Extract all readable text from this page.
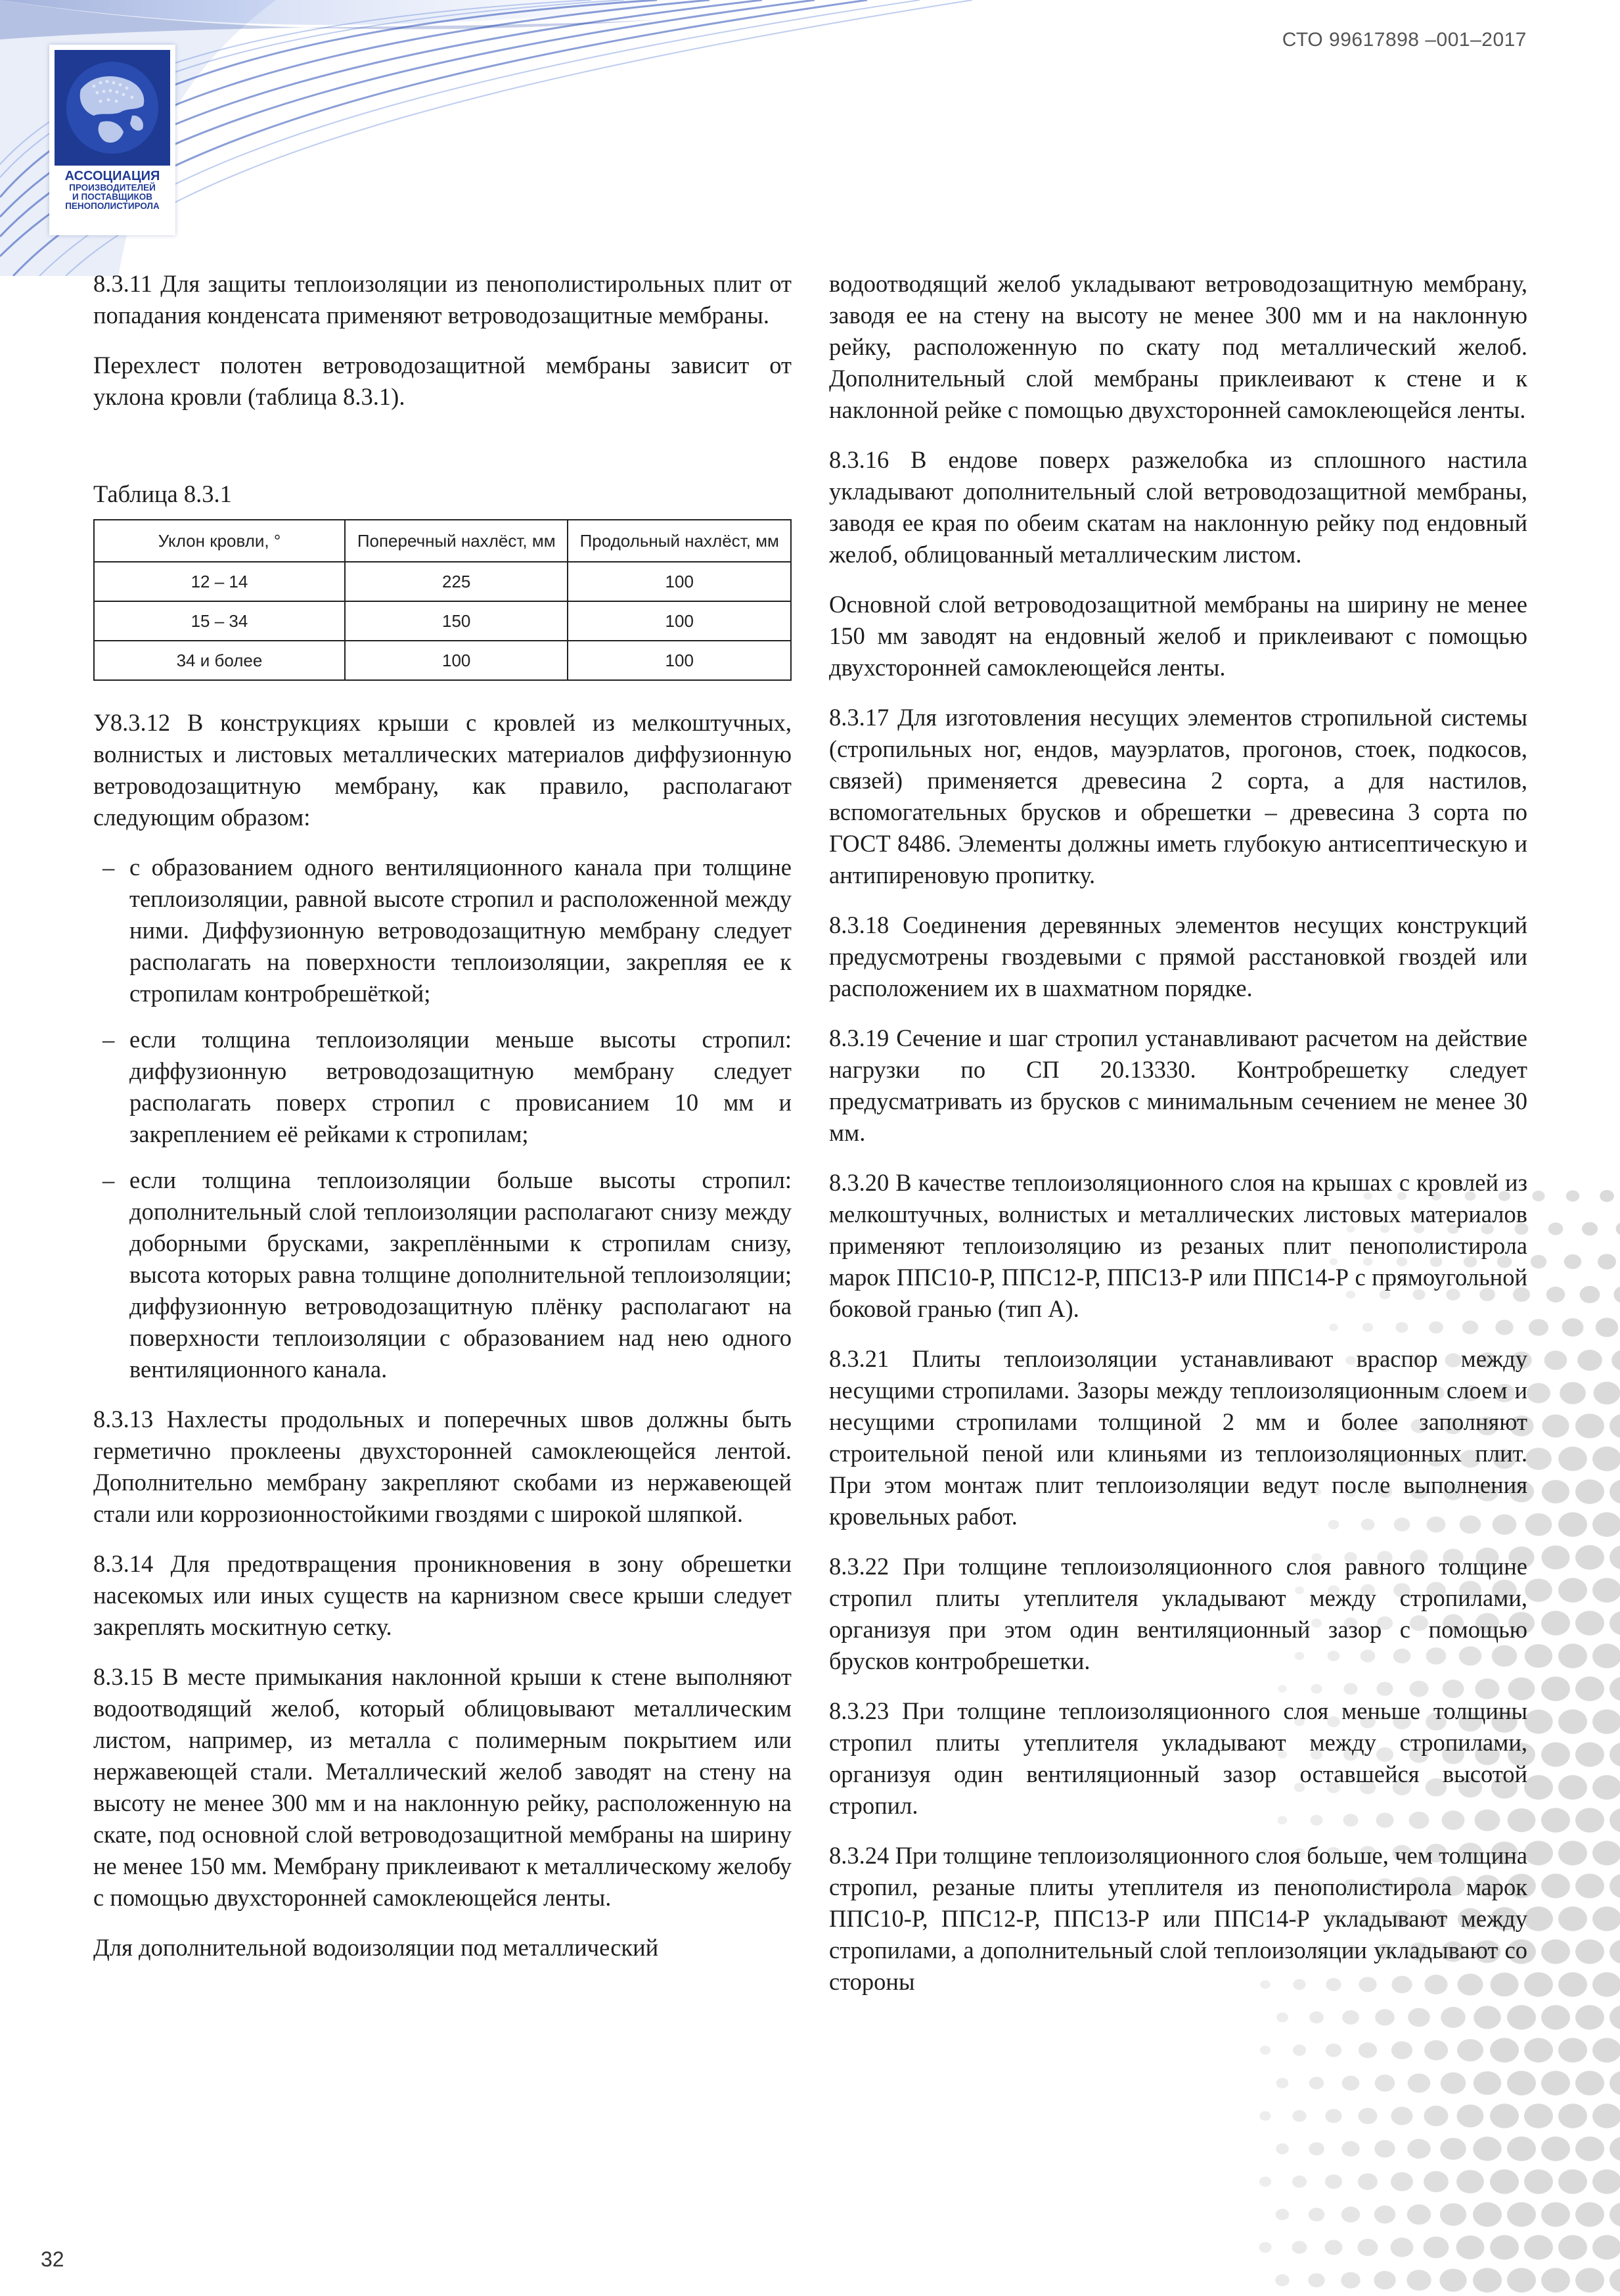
АССОЦИАЦИЯ
ПРОИЗВОДИТЕЛЕЙ
И ПОСТАВЩИКОВ
ПЕНОПОЛИСТИРОЛА
СТО 99617898 –001–2017

8.3.11 Для защиты теплоизоляции из пенополистирольных плит от попадания конденсата применяют ветроводозащитные мембраны.

Перехлест полотен ветроводозащитной мембраны зависит от уклона кровли (таблица 8.3.1).

Таблица 8.3.1
Уклон кровли, °	Поперечный нахлёст, мм	Продольный нахлёст, мм
12 – 14	225	100
15 – 34	150	100
34 и более	100	100

У8.3.12 В конструкциях крыши с кровлей из мелкоштучных, волнистых и листовых металлических материалов диффузионную ветроводозащитную мембрану, как правило, располагают следующим образом:

– с образованием одного вентиляционного канала при толщине теплоизоляции, равной высоте стропил и расположенной между ними. Диффузионную ветроводозащитную мембрану следует располагать на поверхности теплоизоляции, закрепляя ее к стропилам контробрешёткой;
– если толщина теплоизоляции меньше высоты стропил: диффузионную ветроводозащитную мембрану следует располагать поверх стропил с провисанием 10 мм и закреплением её рейками к стропилам;
– если толщина теплоизоляции больше высоты стропил: дополнительный слой теплоизоляции располагают снизу между доборными брусками, закреплёнными к стропилам снизу, высота которых равна толщине дополнительной теплоизоляции; диффузионную ветроводозащитную плёнку располагают на поверхности теплоизоляции с образованием над нею одного вентиляционного канала.

8.3.13 Нахлесты продольных и поперечных швов должны быть герметично проклеены двухсторонней самоклеющейся лентой. Дополнительно мембрану закрепляют скобами из нержавеющей стали или коррозионностойкими гвоздями с широкой шляпкой.

8.3.14 Для предотвращения проникновения в зону обрешетки насекомых или иных существ на карнизном свесе крыши следует закреплять москитную сетку.

8.3.15 В месте примыкания наклонной крыши к стене выполняют водоотводящий желоб, который облицовывают металлическим листом, например, из металла с полимерным покрытием или нержавеющей стали. Металлический желоб заводят на стену на высоту не менее 300 мм и на наклонную рейку, расположенную на скате, под основной слой ветроводозащитной мембраны на ширину не менее 150 мм. Мембрану приклеивают к металлическому желобу с помощью двухсторонней самоклеющейся ленты.

Для дополнительной водоизоляции под металлический

водоотводящий желоб укладывают ветроводозащитную мембрану, заводя ее на стену на высоту не менее 300 мм и на наклонную рейку, расположенную по скату под металлический желоб. Дополнительный слой мембраны приклеивают к стене и к наклонной рейке с помощью двухсторонней самоклеющейся ленты.

8.3.16 В ендове поверх разжелобка из сплошного настила укладывают дополнительный слой ветроводозащитной мембраны, заводя ее края по обеим скатам на наклонную рейку под ендовный желоб, облицованный металлическим листом.

Основной слой ветроводозащитной мембраны на ширину не менее 150 мм заводят на ендовный желоб и приклеивают с помощью двухсторонней самоклеющейся ленты.

8.3.17 Для изготовления несущих элементов стропильной системы (стропильных ног, ендов, мауэрлатов, прогонов, стоек, подкосов, связей) применяется древесина 2 сорта, а для настилов, вспомогательных брусков и обрешетки – древесина 3 сорта по ГОСТ 8486. Элементы должны иметь глубокую антисептическую и антипиреновую пропитку.

8.3.18 Соединения деревянных элементов несущих конструкций предусмотрены гвоздевыми с прямой расстановкой гвоздей или расположением их в шахматном порядке.

8.3.19 Сечение и шаг стропил устанавливают расчетом на действие нагрузки по СП 20.13330. Контробрешетку следует предусматривать из брусков с минимальным сечением не менее 30 мм.

8.3.20 В качестве теплоизоляционного слоя на крышах с кровлей из мелкоштучных, волнистых и металлических листовых материалов применяют теплоизоляцию из резаных плит пенополистирола марок ППС10-Р, ППС12-Р, ППС13-Р или ППС14-Р с прямоугольной боковой гранью (тип А).

8.3.21 Плиты теплоизоляции устанавливают враспор между несущими стропилами. Зазоры между теплоизоляционным слоем и несущими стропилами толщиной 2 мм и более заполняют строительной пеной или клиньями из теплоизоляционных плит. При этом монтаж плит теплоизоляции ведут после выполнения кровельных работ.

8.3.22 При толщине теплоизоляционного слоя равного толщине стропил плиты утеплителя укладывают между стропилами, организуя при этом один вентиляционный зазор с помощью брусков контробрешетки.

8.3.23 При толщине теплоизоляционного слоя меньше толщины стропил плиты утеплителя укладывают между стропилами, организуя один вентиляционный зазор оставшейся высотой стропил.

8.3.24 При толщине теплоизоляционного слоя больше, чем толщина стропил, резаные плиты утеплителя из пенополистирола марок ППС10-Р, ППС12-Р, ППС13-Р или ППС14-Р укладывают между стропилами, а дополнительный слой теплоизоляции укладывают со стороны

32
